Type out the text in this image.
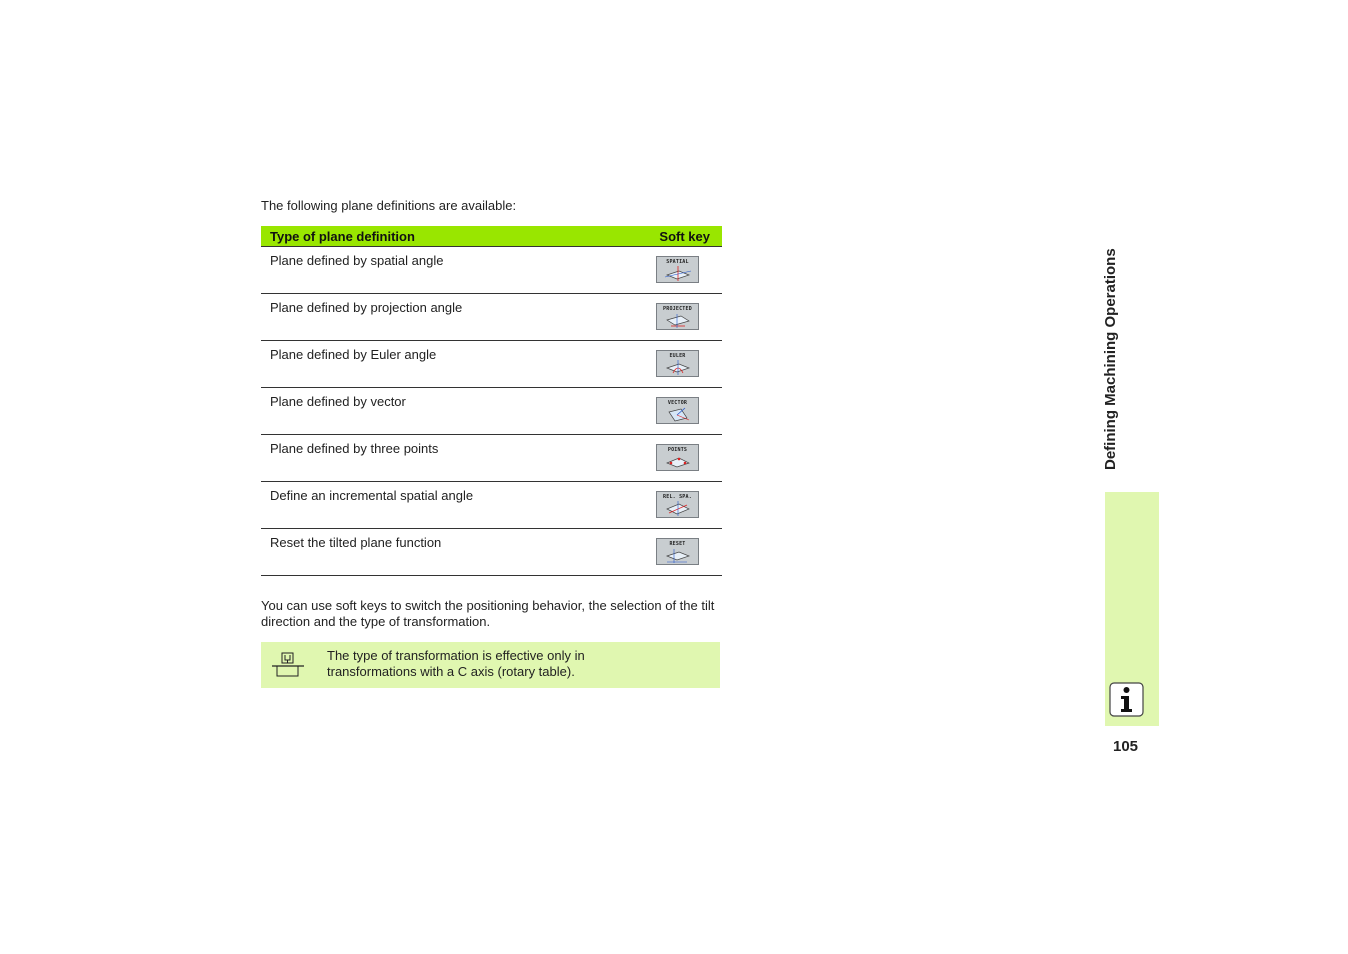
The following plane definitions are available:
Type of plane definition	Soft key
Plane defined by spatial angle	SPATIAL

Plane defined by projection angle	PROJECTED

Plane defined by Euler angle	EULER

Plane defined by vector	VECTOR

Plane defined by three points	POINTS

Define an incremental spatial angle	REL. SPA.

Reset the tilted plane function	RESET
You can use soft keys to switch the positioning behavior, the selection of the tilt direction and the type of transformation.
The type of transformation is effective only in transformations with a C axis (rotary table).
Defining Machining Operations
105
